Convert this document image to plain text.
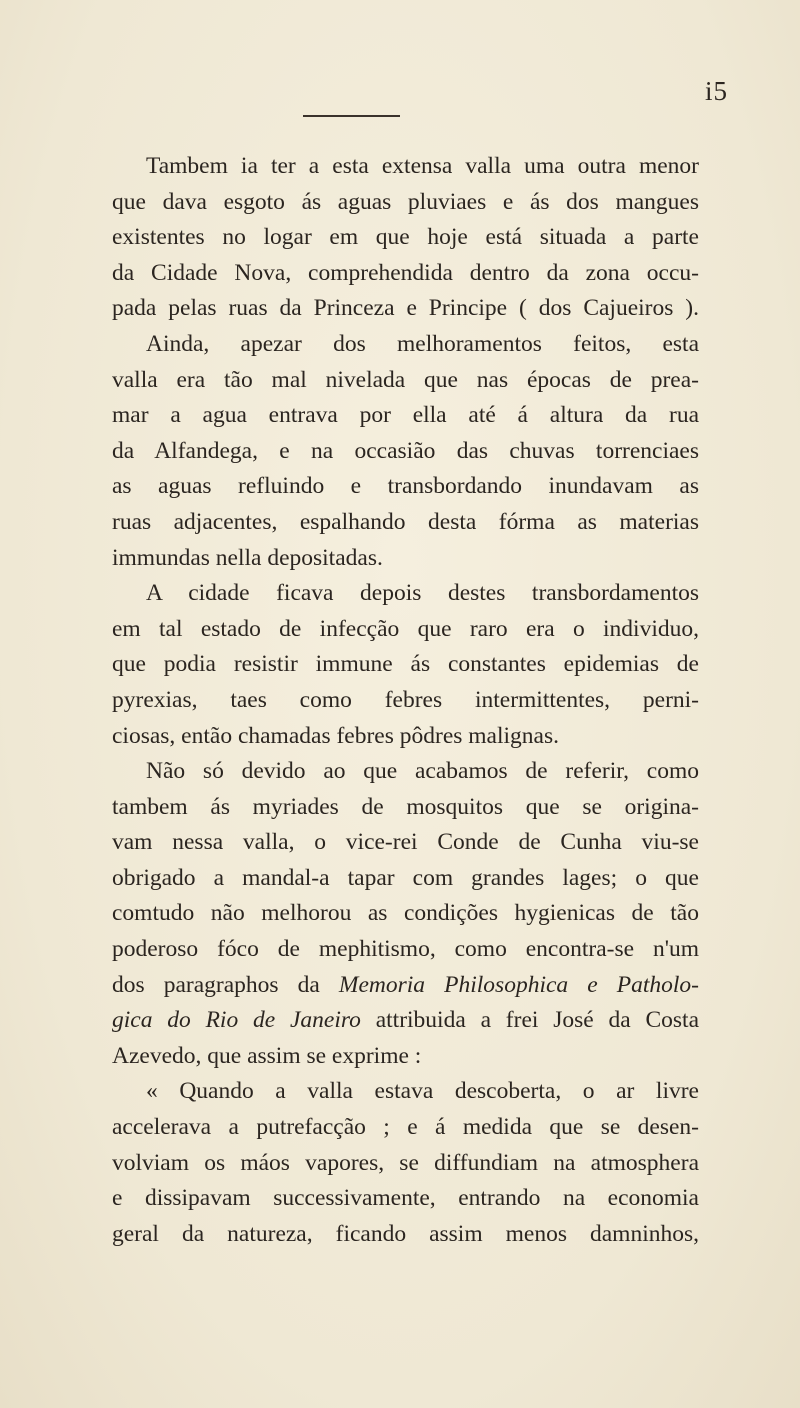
i5
Tambem ia ter a esta extensa valla uma outra menor
que dava esgoto ás aguas pluviaes e ás dos mangues
existentes no logar em que hoje está situada a parte
da Cidade Nova, comprehendida dentro da zona occu-
pada pelas ruas da Princeza e Principe ( dos Cajueiros ).
Ainda, apezar dos melhoramentos feitos, esta
valla era tão mal nivelada que nas épocas de prea-
mar a agua entrava por ella até á altura da rua
da Alfandega, e na occasião das chuvas torrenciaes
as aguas refluindo e transbordando inundavam as
ruas adjacentes, espalhando desta fórma as materias
immundas nella depositadas.
A cidade ficava depois destes transbordamentos
em tal estado de infecção que raro era o individuo,
que podia resistir immune ás constantes epidemias de
pyrexias, taes como febres intermittentes, perni-
ciosas, então chamadas febres pôdres malignas.
Não só devido ao que acabamos de referir, como
tambem ás myriades de mosquitos que se origina-
vam nessa valla, o vice-rei Conde de Cunha viu-se
obrigado a mandal-a tapar com grandes lages; o que
comtudo não melhorou as condições hygienicas de tão
poderoso fóco de mephitismo, como encontra-se n'um
dos paragraphos da Memoria Philosophica e Patholo-
gica do Rio de Janeiro attribuida a frei José da Costa
Azevedo, que assim se exprime :
« Quando a valla estava descoberta, o ar livre
accelerava a putrefacção ; e á medida que se desen-
volviam os máos vapores, se diffundiam na atmosphera
e dissipavam successivamente, entrando na economia
geral da natureza, ficando assim menos damninhos,
